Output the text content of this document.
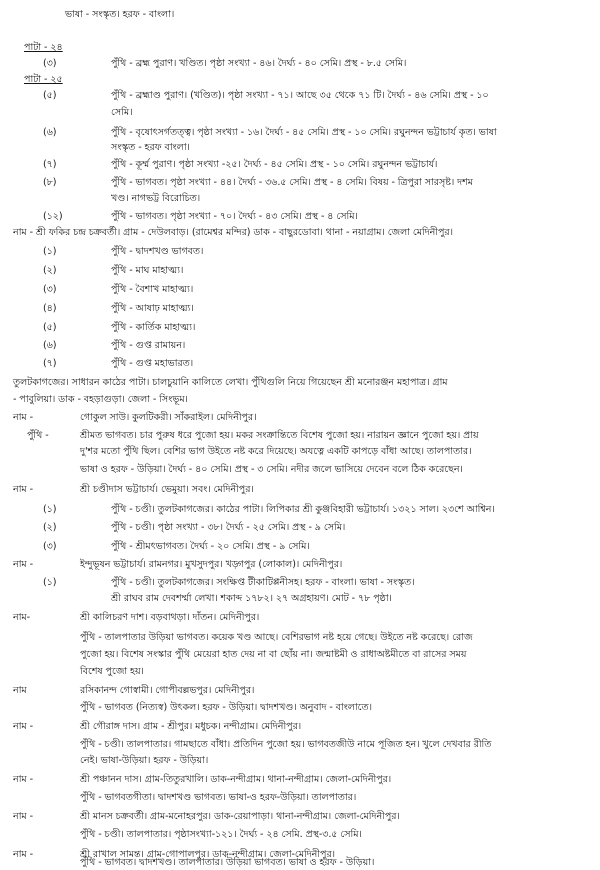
ভাষা - সংস্কৃত। হরফ - বাংলা।
পাটা - ২৪
(৩)	পুঁথি - ব্রহ্ম পুরাণ। খণ্ডিত। পৃষ্ঠা সংখ্যা - ৪৬। দৈর্ঘ্য - ৪০ সেমি। প্রস্থ - ৮.৫ সেমি।
পাটা - ২৫
(৫)	পুঁথি - ব্রহ্মাণ্ড পুরাণ। (খণ্ডিত)। পৃষ্ঠা সংখ্যা - ৭১। আছে ৩৫ থেকে ৭১ টি। দৈর্ঘ্য - ৪৬ সেমি। প্রস্থ - ১০
সেমি।
(৬)	পুঁথি - বৃষোৎসর্গতত্ত্ব। পৃষ্ঠা সংখ্যা - ১৬। দৈর্ঘ্য - ৪৫ সেমি। প্রস্থ - ১০ সেমি। রঘুনন্দন ভট্টাচার্য কৃত। ভাষা
সংস্কৃত - হরফ বাংলা।
(৭)	পুঁথি - কূর্ম্ম পুরাণ। পৃষ্ঠা সংখ্যা -২৫। দৈর্ঘ্য - ৪৫ সেমি। প্রস্থ - ১০ সেমি। রঘুনন্দন ভট্টাচার্য।
(৮)	পুঁথি - ভাগবত। পৃষ্ঠা সংখ্যা - ৪৪। দৈর্ঘ্য - ৩৬.৫ সেমি। প্রস্থ - ৪ সেমি। বিষয় - ত্রিপুরা সারসৃষ্ট। দশম
খণ্ড। নাগভট্ট বিরোচিত।
(১২)	পুঁথি - ভাগবত। পৃষ্ঠা সংখ্যা - ৭০। দৈর্ঘ্য - ৪৩ সেমি। প্রস্থ - ৪ সেমি।
নাম - শ্রী ফকির চন্দ্র চক্রবর্তী। গ্রাম - দেউলবাড়। (রামেশ্বর মন্দির) ডাক - বাছুরডোবা। থানা - নয়াগ্রাম। জেলা মেদিনীপুর।
(১)	পুঁথি - দ্বাদশখণ্ড ভাগবত।
(২)	পুঁথি - মাঘ মাহাত্ম্য।
(৩)	পুঁথি - বৈশাখ মাহাত্ম্য।
(৪)	পুঁথি - আষাঢ় মাহাত্ম্য।
(৫)	পুঁথি - কার্তিক মাহাত্ম্য।
(৬)	পুঁথি - গুপ্ত রামায়ন।
(৭)	পুঁথি - গুপ্ত মহাভারত।
তুলটকাগজের। সাধারন কাঠের পাটা। চালচুয়ানি কালিতে লেখা। পুঁথিগুলি নিয়ে গিয়েছেন শ্রী মনোরঞ্জন মহাপাত্র। গ্রাম
- পাবুলিয়া। ডাক - বহড়াগুড়া। জেলা - সিংভূম।
নাম -	গোকুল সাউ। কুলটিকরী। সাঁকরাইল। মেদিনীপুর।
পুঁথি -	শ্রীমত ভাগবত। চার পুরুষ ধরে পুজো হয়। মকর সংক্রান্তিতে বিশেষ পুজো হয়। নারায়ন জ্ঞানে পুজো হয়। প্রায়
দু'শর মতো পুঁথি ছিল। বেশির ভাগ উইতে নষ্ট করে দিয়েছে। অযত্নে একটি কাপড়ে বাঁধা আছে। তালপাতার।
ভাষা ও হরফ - উড়িয়া। দৈর্ঘ্য - ৪০ সেমি। প্রস্থ - ৩ সেমি। নদীর জলে ভাসিয়ে দেবেন বলে ঠিক করেছেন।
নাম -	শ্রী চণ্ডীদাস ভট্টাচার্য। ভেমুয়া। সবং। মেদিনীপুর।
(১)	পুঁথি - চণ্ডী। তুলটকাগজের। কাঠের পাটা। লিপিকার শ্রী কুঞ্জবিহারী ভট্টাচার্য। ১৩২১ সাল। ২৩শে আশ্বিন।
(২)	পুঁথি - চণ্ডী। পৃষ্ঠা সংখ্যা - ৩৮। দৈর্ঘ্য - ২৫ সেমি। প্রস্থ - ৯ সেমি।
(৩)	পুঁথি - শ্রীমৎভাগবত। দৈর্ঘ্য - ২০ সেমি। প্রস্থ - ৯ সেমি।
নাম -	ইন্দুভূষন ভট্টাচার্য। রামনগর। মুখসুদপুর। খড়্গপুর (লোকাল)। মেদিনীপুর।
(১)	পুঁথি - চণ্ডী। তুলটকাগজের। সংক্ষিপ্ত টীকাটিপ্পনীসহ। হরফ - বাংলা। ভাষা - সংস্কৃত।
শ্রী রাঘব রাম দেবশর্ম্মা লেখা। শকাব্দ ১৭৮২। ২৭ অগ্রহায়ণ। মোট - ৭৮ পৃষ্ঠা।
নাম-	শ্রী কালিচরণ দাশ। বড়বাথড়া। দাঁতন। মেদিনীপুর।
পুঁথি - তালপাতার উড়িয়া ভাগবত। কয়েক খণ্ড আছে। বেশিরভাগ নষ্ট হয়ে গেছে। উইতে নষ্ট করেছে। রোজ
পুজো হয়। বিশেষ সংস্কার পুঁথি মেয়েরা হাত দেয় না বা ছোঁয় না। জন্মাষ্টমী ও রাধাঅষ্টমীতে বা রাসের সময়
বিশেষ পুজো হয়।
নাম	রসিকানন্দ গোস্বামী। গোপীবল্লভপুর। মেদিনীপুর।
পুঁথি - ভাগবত (নিত্যস্ব) উৎকল। হরফ - উড়িয়া। দ্বাদশখণ্ড। অনুবাদ - বাংলাতে।
নাম -	শ্রী গৌরাঙ্গ দাস। গ্রাম - শ্রীপুর। মধুচক। নন্দীগ্রাম। মেদিনীপুর।
পুঁথি - চণ্ডী। তালপাতার। গামছাতে বাঁধা। প্রতিদিন পুজো হয়। ভাগবতজীউ নামে পূজিত হন। খুলে দেখবার রীতি
নেই। ভাষা-উড়িয়া। হরফ - উড়িয়া।
নাম -	শ্রী পঞ্চানন দাস। গ্রাম-তিতুরখালি। ডাক-নন্দীগ্রাম। থানা-নন্দীগ্রাম। জেলা-মেদিনীপুর।
পুঁথি - ভাগবতগীতা। দ্বাদশখণ্ড ভাগবত। ভাষা-ও হরফ-উড়িয়া। তালপাতার।
নাম -	শ্রী মানস চক্রবর্তী। গ্রাম-মনোহরপুর। ডাক-রেয়াপাড়া। থানা-নন্দীগ্রাম। জেলা-মেদিনীপুর।
পুঁথি - চণ্ডী। তালপাতার। পৃষ্ঠাসংখ্যা-১২১। দৈর্ঘ্য - ২৪ সেমি. প্রস্থ-৩.৫ সেমি।
নাম -	শ্রী রাখাল সামন্ত। গ্রাম-গোপালপুর। ডাক-নন্দীগ্রাম। জেলা-মেদিনীপুর।
পুঁথি - ভাগবত। দ্বাদশখণ্ড। তালপাতার। উড়িয়া ভাগবত। ভাষা ও হরফ - উড়িয়া।
